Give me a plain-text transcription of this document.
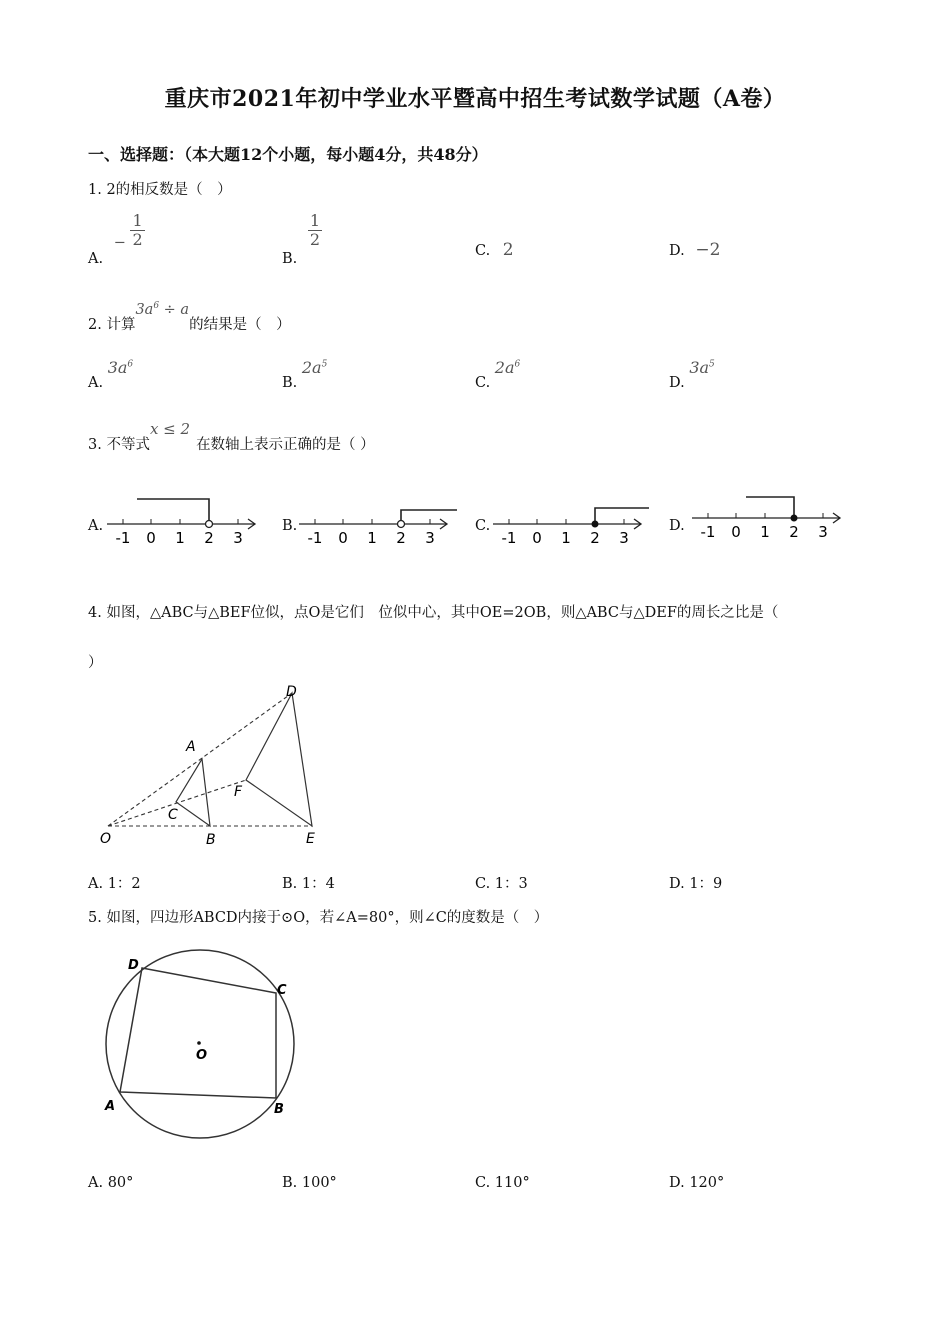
重庆市2021年初中学业水平暨高中招生考试数学试题（A卷）
一、选择题：（本大题12个小题，每小题4分，共48分）
1. 2的相反数是（　）
A. − $\frac{1}{2}$
B.
$\frac{1}{2}$
C. 2	D. −2
2. 计算$3a^6 \div a$的结果是（　）
A. $3a^6$
B. $2a^5$
C. $2a^6$
D. $3a^5$
3. 不等式x ≤ 2在数轴上表示正确的是（ ）
A.	B.	C.	D.
-1 0 1 2 3	-1 0 1 2 3	-1 0 1 2 3	-1 0 1 2 3
4. 如图，△ABC与△BEF位似，点O是它们　位似中心，其中OE=2OB，则△ABC与△DEF的周长之比是（
）
D
A
F
C
O	B	E
A. 1：2	B. 1：4	C. 1：3	D. 1：9
5. 如图，四边形ABCD内接于⊙O，若∠A=80°，则∠C的度数是（　）
D
C
O
A	B
A. 80°	B. 100°	C. 110°	D. 120°
